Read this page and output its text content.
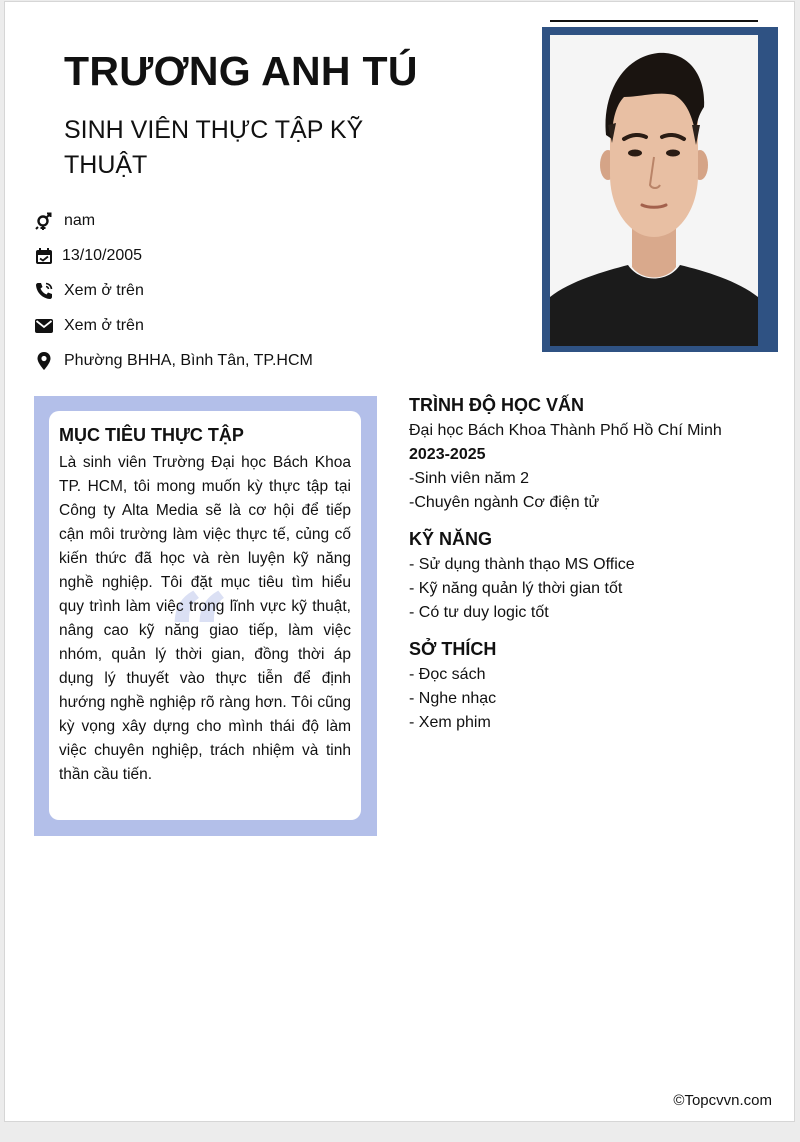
TRƯƠNG ANH TÚ
SINH VIÊN THỰC TẬP KỸ THUẬT
nam
13/10/2005
Xem ở trên
Xem ở trên
Phường BHHA, Bình Tân, TP.HCM
“
MỤC TIÊU THỰC TẬP

Là sinh viên Trường Đại học Bách Khoa TP. HCM, tôi mong muốn kỳ thực tập tại Công ty Alta Media sẽ là cơ hội để tiếp cận môi trường làm việc thực tế, củng cố kiến thức đã học và rèn luyện kỹ năng nghề nghiệp. Tôi đặt mục tiêu tìm hiểu quy trình làm việc trong lĩnh vực kỹ thuật, nâng cao kỹ năng giao tiếp, làm việc nhóm, quản lý thời gian, đồng thời áp dụng lý thuyết vào thực tiễn để định hướng nghề nghiệp rõ ràng hơn. Tôi cũng kỳ vọng xây dựng cho mình thái độ làm việc chuyên nghiệp, trách nhiệm và tinh thần cầu tiến.

TRÌNH ĐỘ HỌC VẤN

Đại học Bách Khoa Thành Phố Hồ Chí Minh

2023-2025

-Sinh viên năm 2

-Chuyên ngành Cơ điện tử

KỸ NĂNG

- Sử dụng thành thạo MS Office

- Kỹ năng quản lý thời gian tốt

- Có tư duy logic tốt

SỞ THÍCH

- Đọc sách

- Nghe nhạc

- Xem phim

©Topcvvn.com
